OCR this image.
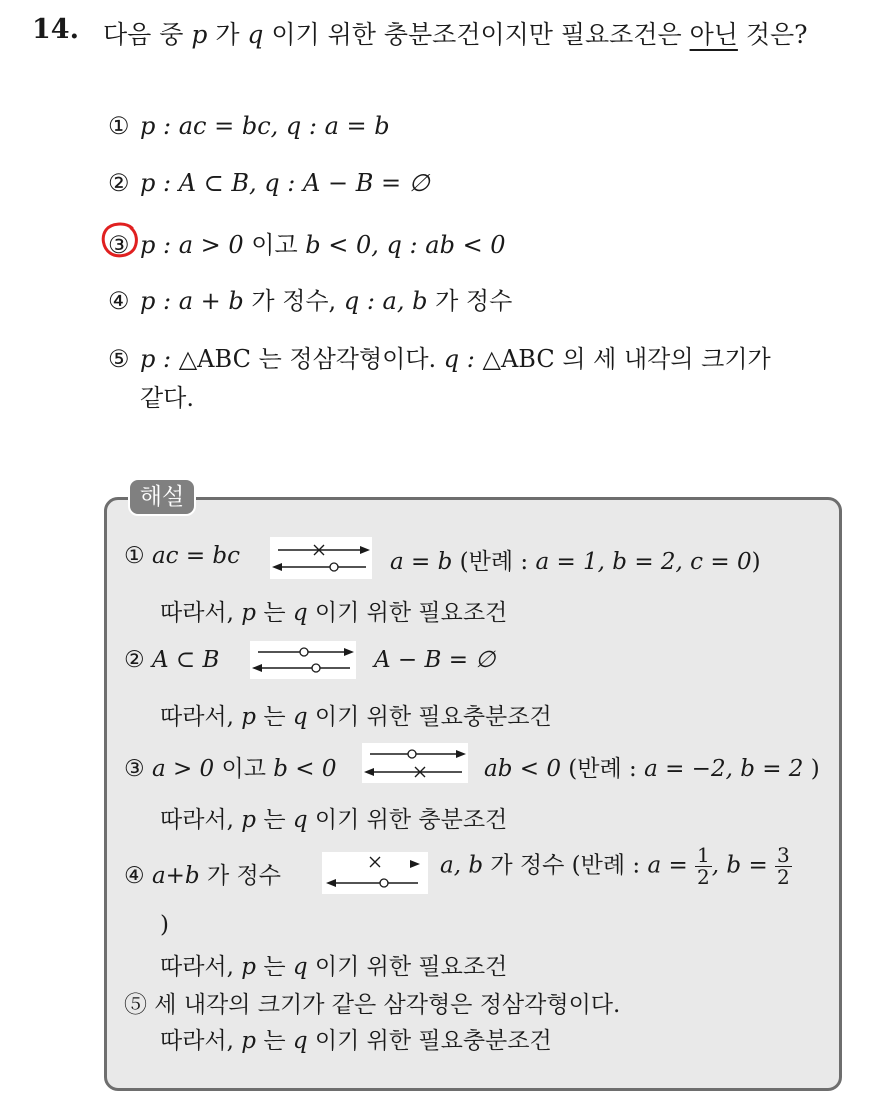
14. 다음 중 p 가 q 이기 위한 충분조건이지만 필요조건은 아닌 것은?
① p : ac = bc, q : a = b
② p : A ⊂ B, q : A − B = ∅
③ p : a > 0 이고 b < 0, q : ab < 0
④ p : a + b 가 정수, q : a, b 가 정수
⑤ p : △ABC 는 정삼각형이다. q : △ABC 의 세 내각의 크기가
같다.
해설
① ac = bc	a = b (반례 : a = 1, b = 2, c = 0)
따라서, p 는 q 이기 위한 필요조건
② A ⊂ B	A − B = ∅
따라서, p 는 q 이기 위한 필요충분조건
③ a > 0 이고 b < 0	ab < 0 (반례 : a = −2, b = 2 )
따라서, p 는 q 이기 위한 충분조건
④ a+b 가 정수	a, b 가 정수 (반례 : $a = \frac{1}{2}$ , $b = \frac{3}{2}$
)
따라서, p 는 q 이기 위한 필요조건
⑤ 세 내각의 크기가 같은 삼각형은 정삼각형이다.
따라서, p 는 q 이기 위한 필요충분조건
